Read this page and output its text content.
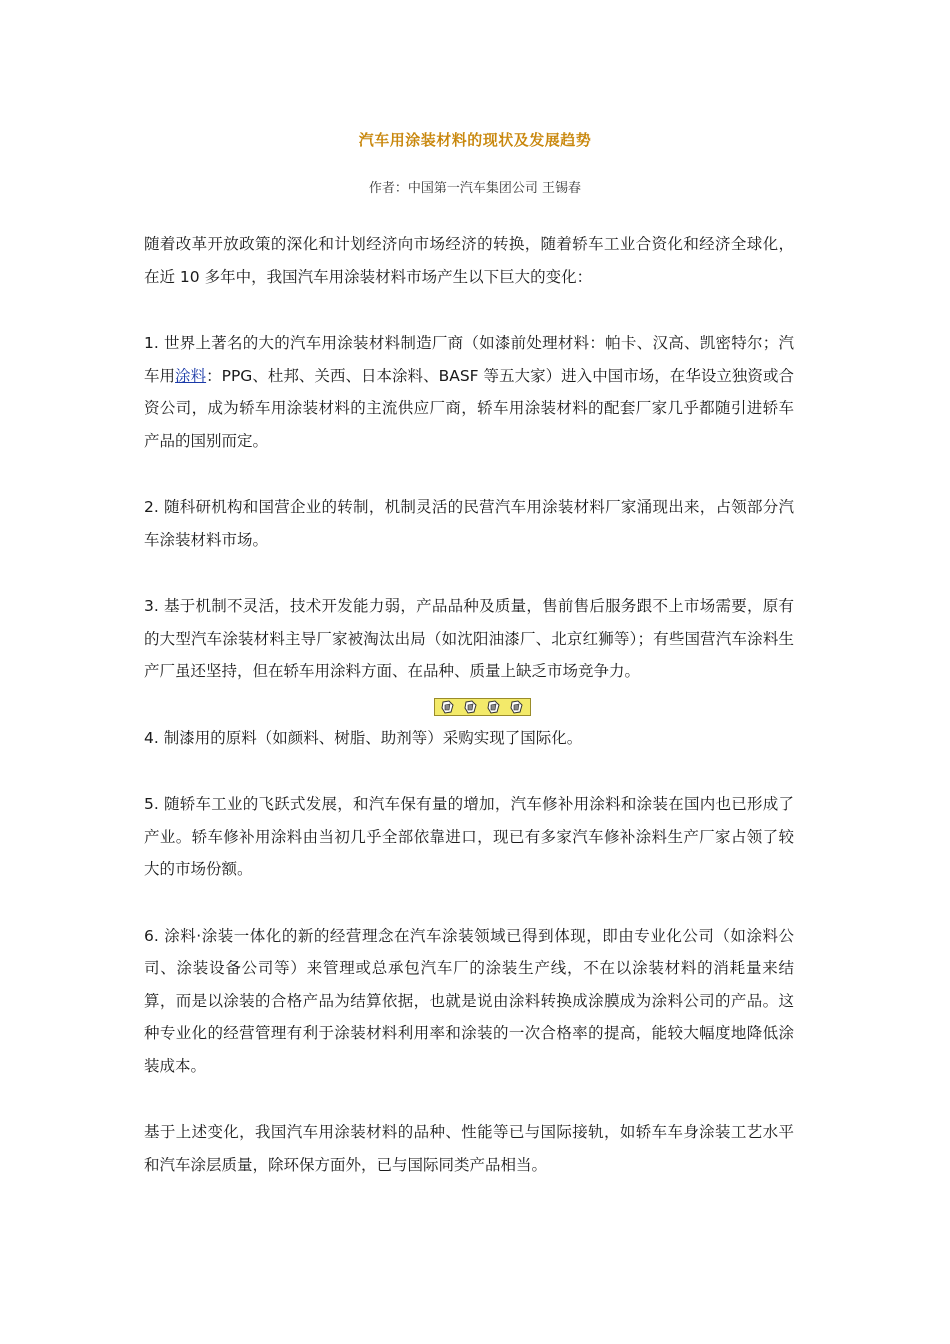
汽车用涂装材料的现状及发展趋势
作者：中国第一汽车集团公司 王锡春

随着改革开放政策的深化和计划经济向市场经济的转换，随着轿车工业合资化和经济全球化，在近 10 多年中，我国汽车用涂装材料市场产生以下巨大的变化：

1. 世界上著名的大的汽车用涂装材料制造厂商（如漆前处理材料：帕卡、汉高、凯密特尔；汽车用涂料：PPG、杜邦、关西、日本涂料、BASF 等五大家）进入中国市场，在华设立独资或合资公司，成为轿车用涂装材料的主流供应厂商，轿车用涂装材料的配套厂家几乎都随引进轿车产品的国别而定。

2. 随科研机构和国营企业的转制，机制灵活的民营汽车用涂装材料厂家涌现出来，占领部分汽车涂装材料市场。

3. 基于机制不灵活，技术开发能力弱，产品品种及质量，售前售后服务跟不上市场需要，原有的大型汽车涂装材料主导厂家被淘汰出局（如沈阳油漆厂、北京红狮等）；有些国营汽车涂料生产厂虽还坚持，但在轿车用涂料方面、在品种、质量上缺乏市场竞争力。

4. 制漆用的原料（如颜料、树脂、助剂等）采购实现了国际化。

5. 随轿车工业的飞跃式发展，和汽车保有量的增加，汽车修补用涂料和涂装在国内也已形成了产业。轿车修补用涂料由当初几乎全部依靠进口，现已有多家汽车修补涂料生产厂家占领了较大的市场份额。

6. 涂料·涂装一体化的新的经营理念在汽车涂装领域已得到体现，即由专业化公司（如涂料公司、涂装设备公司等）来管理或总承包汽车厂的涂装生产线，不在以涂装材料的消耗量来结算，而是以涂装的合格产品为结算依据，也就是说由涂料转换成涂膜成为涂料公司的产品。这种专业化的经营管理有利于涂装材料利用率和涂装的一次合格率的提高，能较大幅度地降低涂装成本。

基于上述变化，我国汽车用涂装材料的品种、性能等已与国际接轨，如轿车车身涂装工艺水平和汽车涂层质量，除环保方面外，已与国际同类产品相当。
